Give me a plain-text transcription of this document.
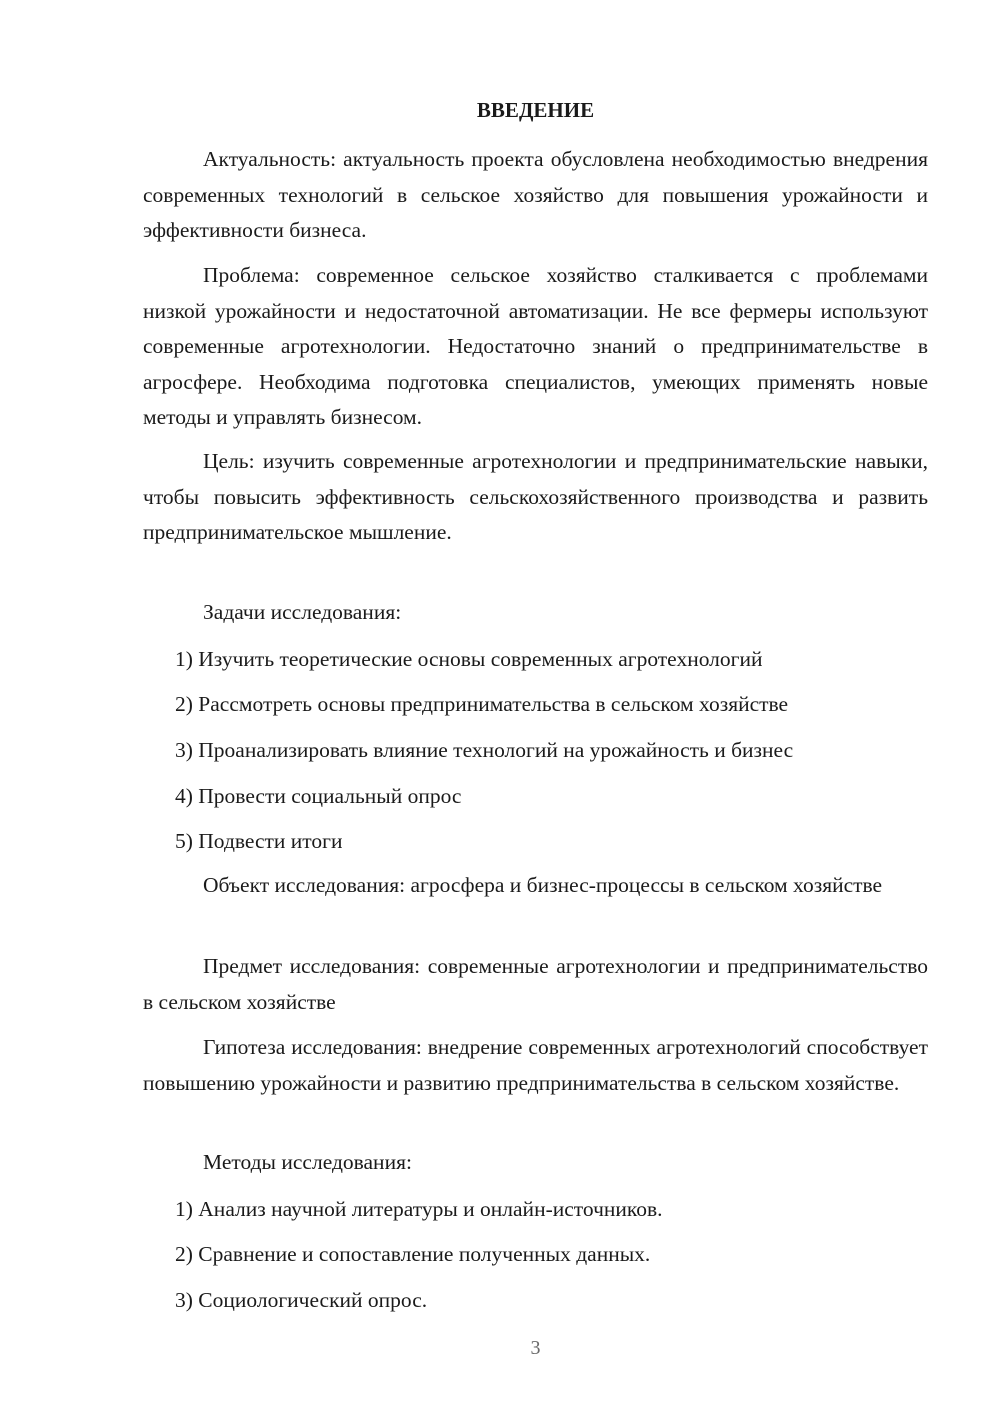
ВВЕДЕНИЕ

Актуальность: актуальность проекта обусловлена необходимостью внедрения современных технологий в сельское хозяйство для повышения урожайности и эффективности бизнеса.

Проблема: современное сельское хозяйство сталкивается с проблемами низкой урожайности и недостаточной автоматизации. Не все фермеры используют современные агротехнологии. Недостаточно знаний о предпринимательстве в агросфере. Необходима подготовка специалистов, умеющих применять новые методы и управлять бизнесом.

Цель: изучить современные агротехнологии и предпринимательские навыки, чтобы повысить эффективность сельскохозяйственного производства и развить предпринимательское мышление.

Задачи исследования:

1) Изучить теоретические основы современных агротехнологий

2) Рассмотреть основы предпринимательства в сельском хозяйстве

3) Проанализировать влияние технологий на урожайность и бизнес

4) Провести социальный опрос

5) Подвести итоги

Объект исследования: агросфера и бизнес-процессы в сельском хозяйстве

Предмет исследования: современные агротехнологии и предпринимательство в сельском хозяйстве

Гипотеза исследования: внедрение современных агротехнологий способствует повышению урожайности и развитию предпринимательства в сельском хозяйстве.

Методы исследования:

1) Анализ научной литературы и онлайн-источников.

2) Сравнение и сопоставление полученных данных.

3) Социологический опрос.

3
